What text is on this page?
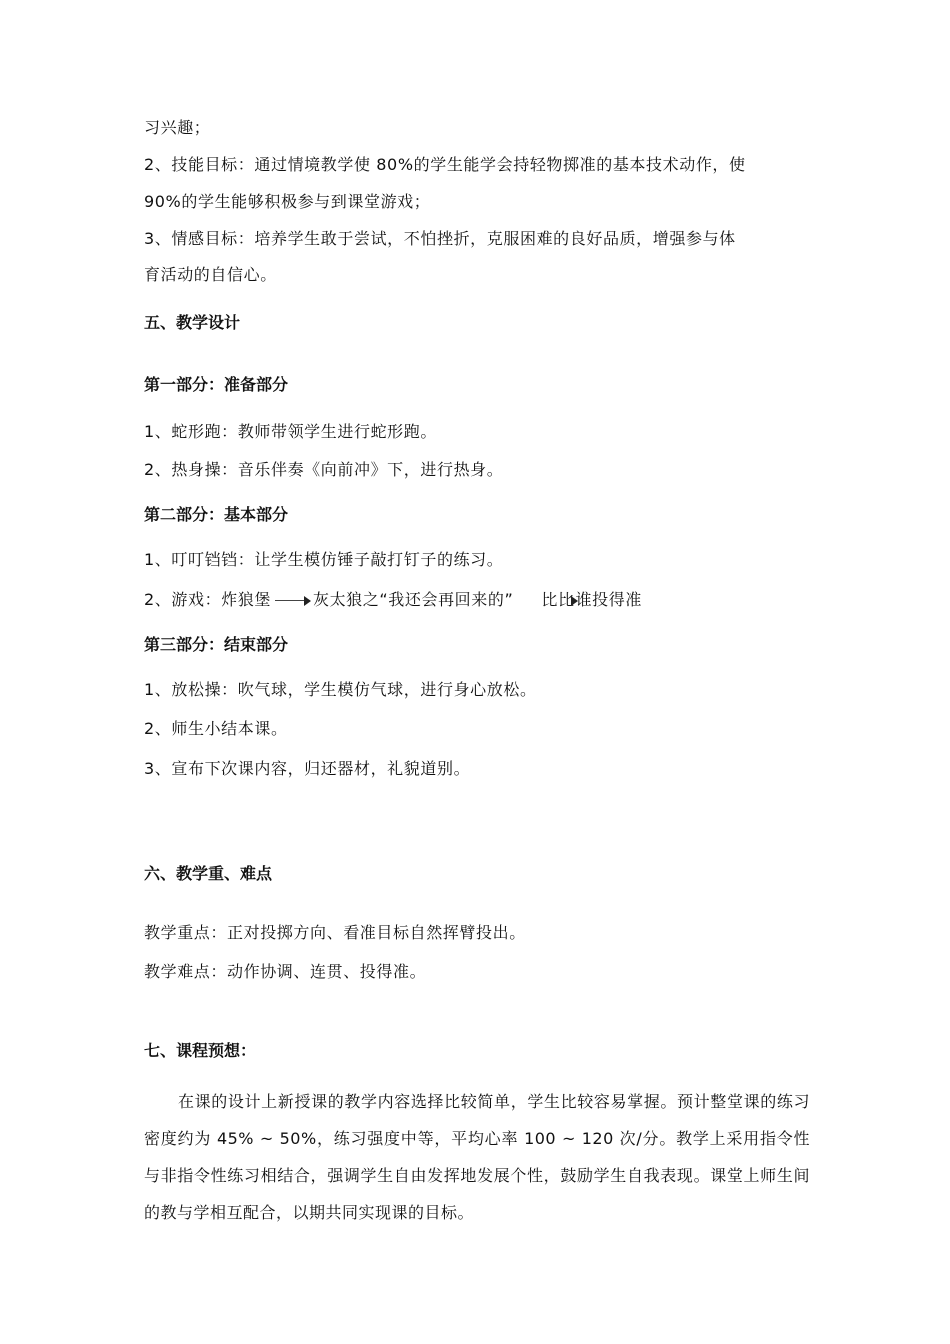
习兴趣；
2、技能目标：通过情境教学使 80%的学生能学会持轻物掷准的基本技术动作，使
90%的学生能够积极参与到课堂游戏；
3、情感目标：培养学生敢于尝试，不怕挫折，克服困难的良好品质，增强参与体
育活动的自信心。
五、教学设计
第一部分：准备部分
1、蛇形跑：教师带领学生进行蛇形跑。
2、热身操：音乐伴奏《向前冲》下，进行热身。
第二部分：基本部分
1、叮叮铛铛：让学生模仿锤子敲打钉子的练习。
2、游戏：炸狼堡	灰太狼之“我还会再回来的” 比比谁投得准
第三部分：结束部分
1、放松操：吹气球，学生模仿气球，进行身心放松。
2、师生小结本课。
3、宣布下次课内容，归还器材，礼貌道别。
六、教学重、难点
教学重点：正对投掷方向、看准目标自然挥臂投出。
教学难点：动作协调、连贯、投得准。
七、课程预想：
在课的设计上新授课的教学内容选择比较简单，学生比较容易掌握。预计整堂课的练习密度约为 45% ~ 50%，练习强度中等，平均心率 100 ~ 120 次/分。教学上采用指令性与非指令性练习相结合，强调学生自由发挥地发展个性，鼓励学生自我表现。课堂上师生间的教与学相互配合，以期共同实现课的目标。
